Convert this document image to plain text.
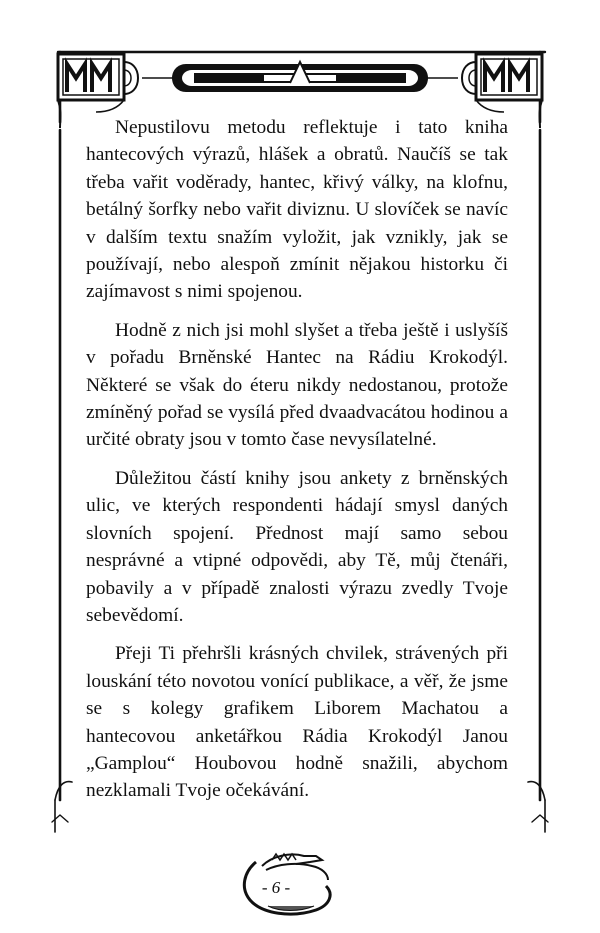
Nepustilovu metodu reflektuje i tato kniha hantecových výrazů, hlášek a obratů. Naučíš se tak třeba vařit voděrady, hantec, křivý války, na klofnu, betálný šorfky nebo vařit diviznu. U slovíček se navíc v dalším textu snažím vyložit, jak vznikly, jak se používají, nebo alespoň zmínit nějakou historku či zajímavost s nimi spojenou.

Hodně z nich jsi mohl slyšet a třeba ještě i uslyšíš v pořadu Brněnské Hantec na Rádiu Krokodýl. Některé se však do éteru nikdy nedostanou, protože zmíněný pořad se vysílá před dvaadvacátou hodinou a určité obraty jsou v tomto čase nevysílatelné.

Důležitou částí knihy jsou ankety z brněnských ulic, ve kterých respondenti hádají smysl daných slovních spojení. Přednost mají samo sebou nesprávné a vtipné odpovědi, aby Tě, můj čtenáři, pobavily a v případě znalosti výrazu zvedly Tvoje sebevědomí.

Přeji Ti přehršli krásných chvilek, strávených při louskání této novotou vonící publikace, a věř, že jsme se s kolegy grafikem Liborem Machatou a hantecovou anketářkou Rádia Krokodýl Janou „Gamplou“ Houbovou hodně snažili, abychom nezklamali Tvoje očekávání.

- 6 -
